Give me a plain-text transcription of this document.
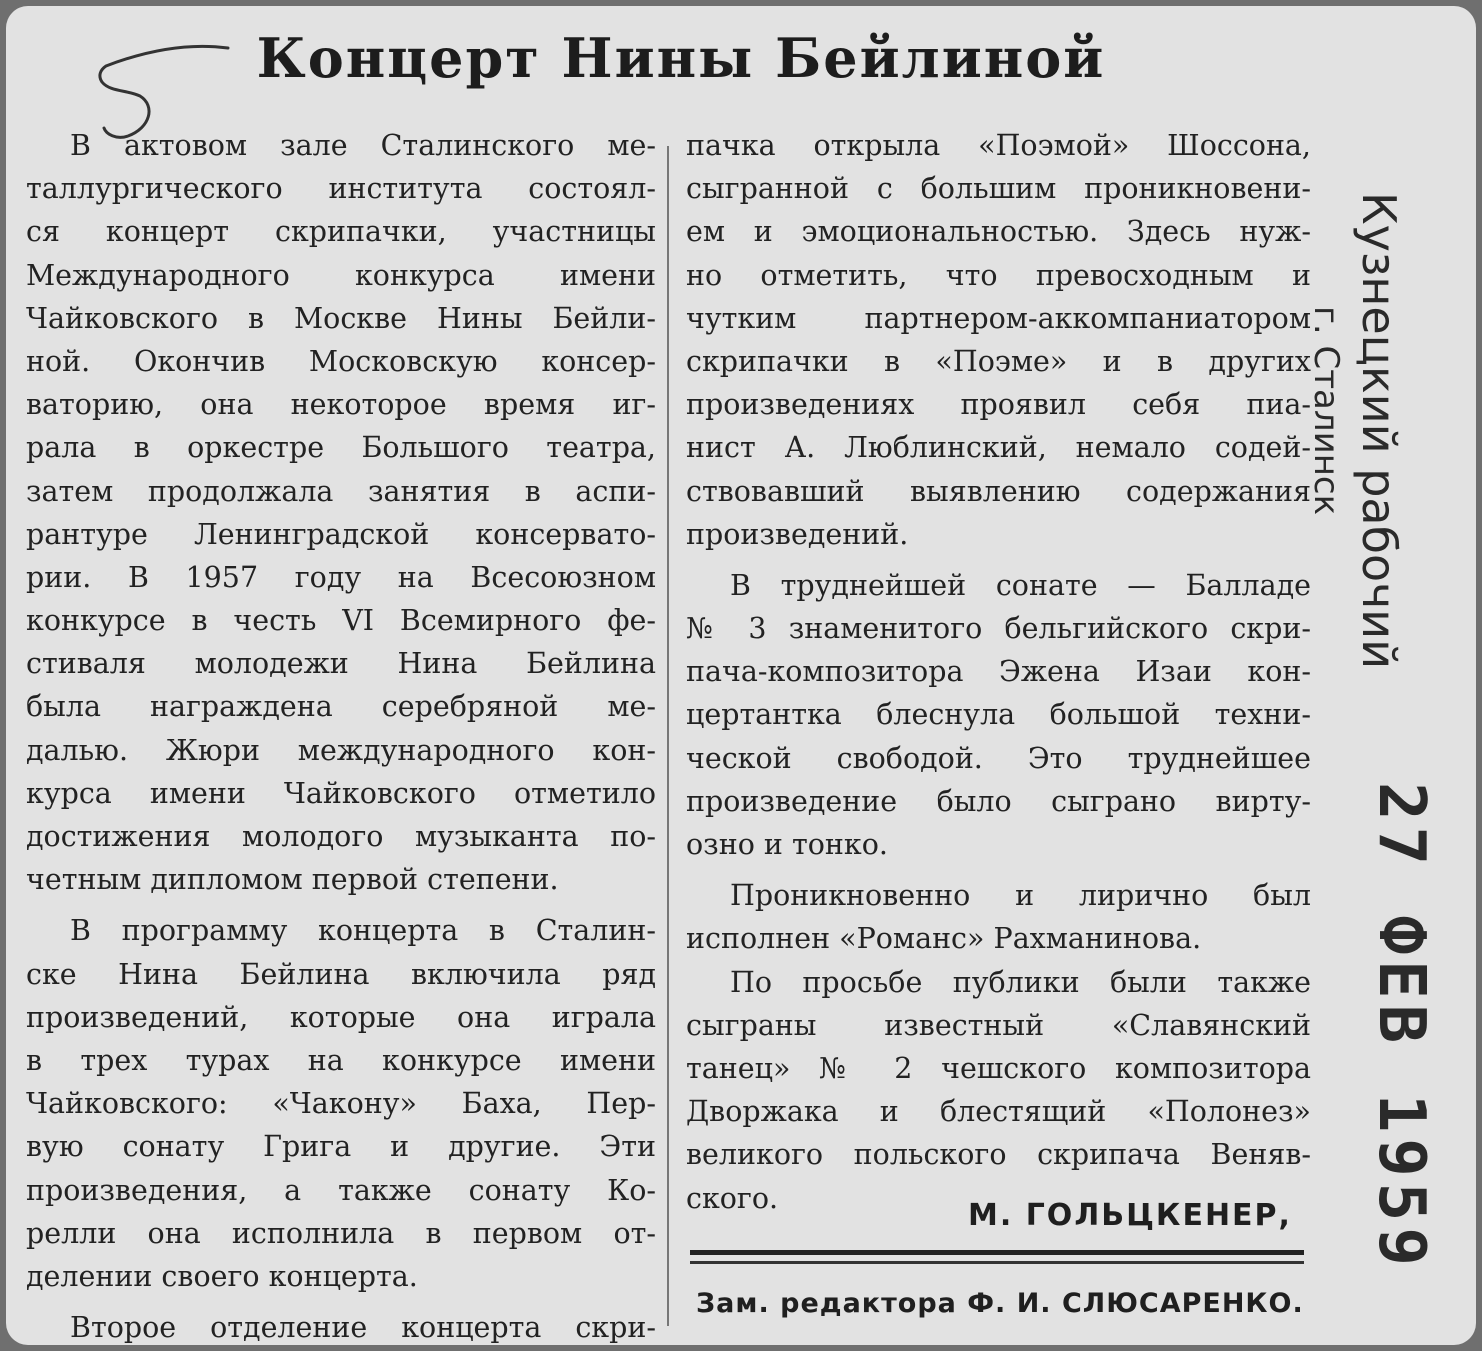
Концерт Нины Бейлиной
В актовом зале Сталинского ме-
таллургического института состоял-
ся концерт скрипачки, участницы
Международного конкурса имени
Чайковского в Москве Нины Бейли-
ной. Окончив Московскую консер-
ваторию, она некоторое время иг-
рала в оркестре Большого театра,
затем продолжала занятия в аспи-
рантуре Ленинградской консервато-
рии. В 1957 году на Всесоюзном
конкурсе в честь VI Всемирного фе-
стиваля молодежи Нина Бейлина
была награждена серебряной ме-
далью. Жюри международного кон-
курса имени Чайковского отметило
достижения молодого музыканта по-
четным дипломом первой степени.
В программу концерта в Сталин-
ске Нина Бейлина включила ряд
произведений, которые она играла
в трех турах на конкурсе имени
Чайковского: «Чакону» Баха, Пер-
вую сонату Грига и другие. Эти
произведения, а также сонату Ко-
релли она исполнила в первом от-
делении своего концерта.
Второе отделение концерта скри-
пачка открыла «Поэмой» Шоссона,
сыгранной с большим проникновени-
ем и эмоциональностью. Здесь нуж-
но отметить, что превосходным и
чутким партнером-аккомпаниатором
скрипачки в «Поэме» и в других
произведениях проявил себя пиа-
нист А. Люблинский, немало содей-
ствовавший выявлению содержания
произведений.
В труднейшей сонате — Балладе
№ 3 знаменитого бельгийского скри-
пача-композитора Эжена Изаи кон-
цертантка блеснула большой техни-
ческой свободой. Это труднейшее
произведение было сыграно вирту-
озно и тонко.
Проникновенно и лирично был
исполнен «Романс» Рахманинова.
По просьбе публики были также
сыграны известный «Славянский
танец» № 2 чешского композитора
Дворжака и блестящий «Полонез»
великого польского скрипача Веняв-
ского.	М. ГОЛЬЦКЕНЕР,
Зам. редактора Ф. И. СЛЮСАРЕНКО.
Кузнецкий рабочий
г. Сталинск
27 ФЕВ 1959
